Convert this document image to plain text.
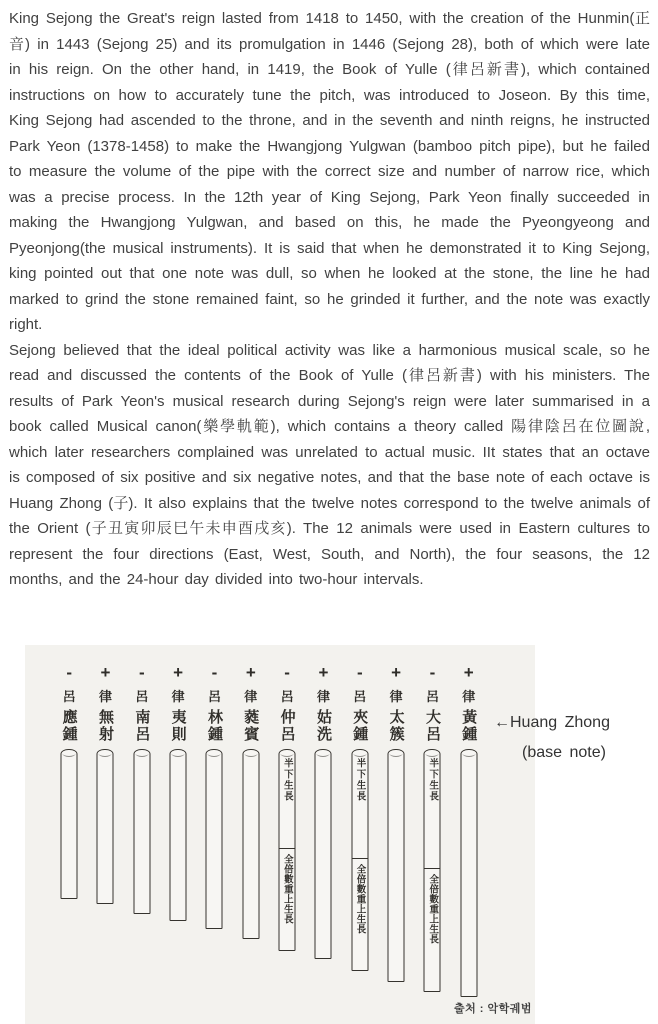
King Sejong the Great's reign lasted from 1418 to 1450, with the creation of the Hunmin(正音) in 1443 (Sejong 25) and its promulgation in 1446 (Sejong 28), both of which were late in his reign. On the other hand, in 1419, the Book of Yulle (律呂新書), which contained instructions on how to accurately tune the pitch, was introduced to Joseon. By this time, King Sejong had ascended to the throne, and in the seventh and ninth reigns, he instructed Park Yeon (1378-1458) to make the Hwangjong Yulgwan (bamboo pitch pipe), but he failed to measure the volume of the pipe with the correct size and number of narrow rice, which was a precise process. In the 12th year of King Sejong, Park Yeon finally succeeded in making the Hwangjong Yulgwan, and based on this, he made the Pyeongyeong and Pyeonjong(the musical instruments). It is said that when he demonstrated it to King Sejong, king pointed out that one note was dull, so when he looked at the stone, the line he had marked to grind the stone remained faint, so he grinded it further, and the note was exactly right.

Sejong believed that the ideal political activity was like a harmonious musical scale, so he read and discussed the contents of the Book of Yulle (律呂新書) with his ministers. The results of Park Yeon's musical research during Sejong's reign were later summarised in a book called Musical canon(樂學軌範), which contains a theory called 陽律陰呂在位圖說, which later researchers complained was unrelated to actual music. IIt states that an octave is composed of six positive and six negative notes, and that the base note of each octave is Huang Zhong (子). It also explains that the twelve notes correspond to the twelve animals of the Orient (子丑寅卯辰巳午未申酉戌亥). The 12 animals were used in Eastern cultures to represent the four directions (East, West, South, and North), the four seasons, the 12 months, and the 24-hour day divided into two-hour intervals.

-
呂
應鍾
+
律
無射
-
呂
南呂
+
律
夷則
-
呂
林鍾
+
律
蕤賓
-
呂
仲呂
半下生長
全倍數重上生長
+
律
姑洗
-
呂
夾鍾
半下生長
全倍數重上生長
+
律
太簇
-
呂
大呂
半下生長
全倍數重上生長
+
律
黃鍾
출처 : 악학궤범
←Huang Zhong
(base note)
